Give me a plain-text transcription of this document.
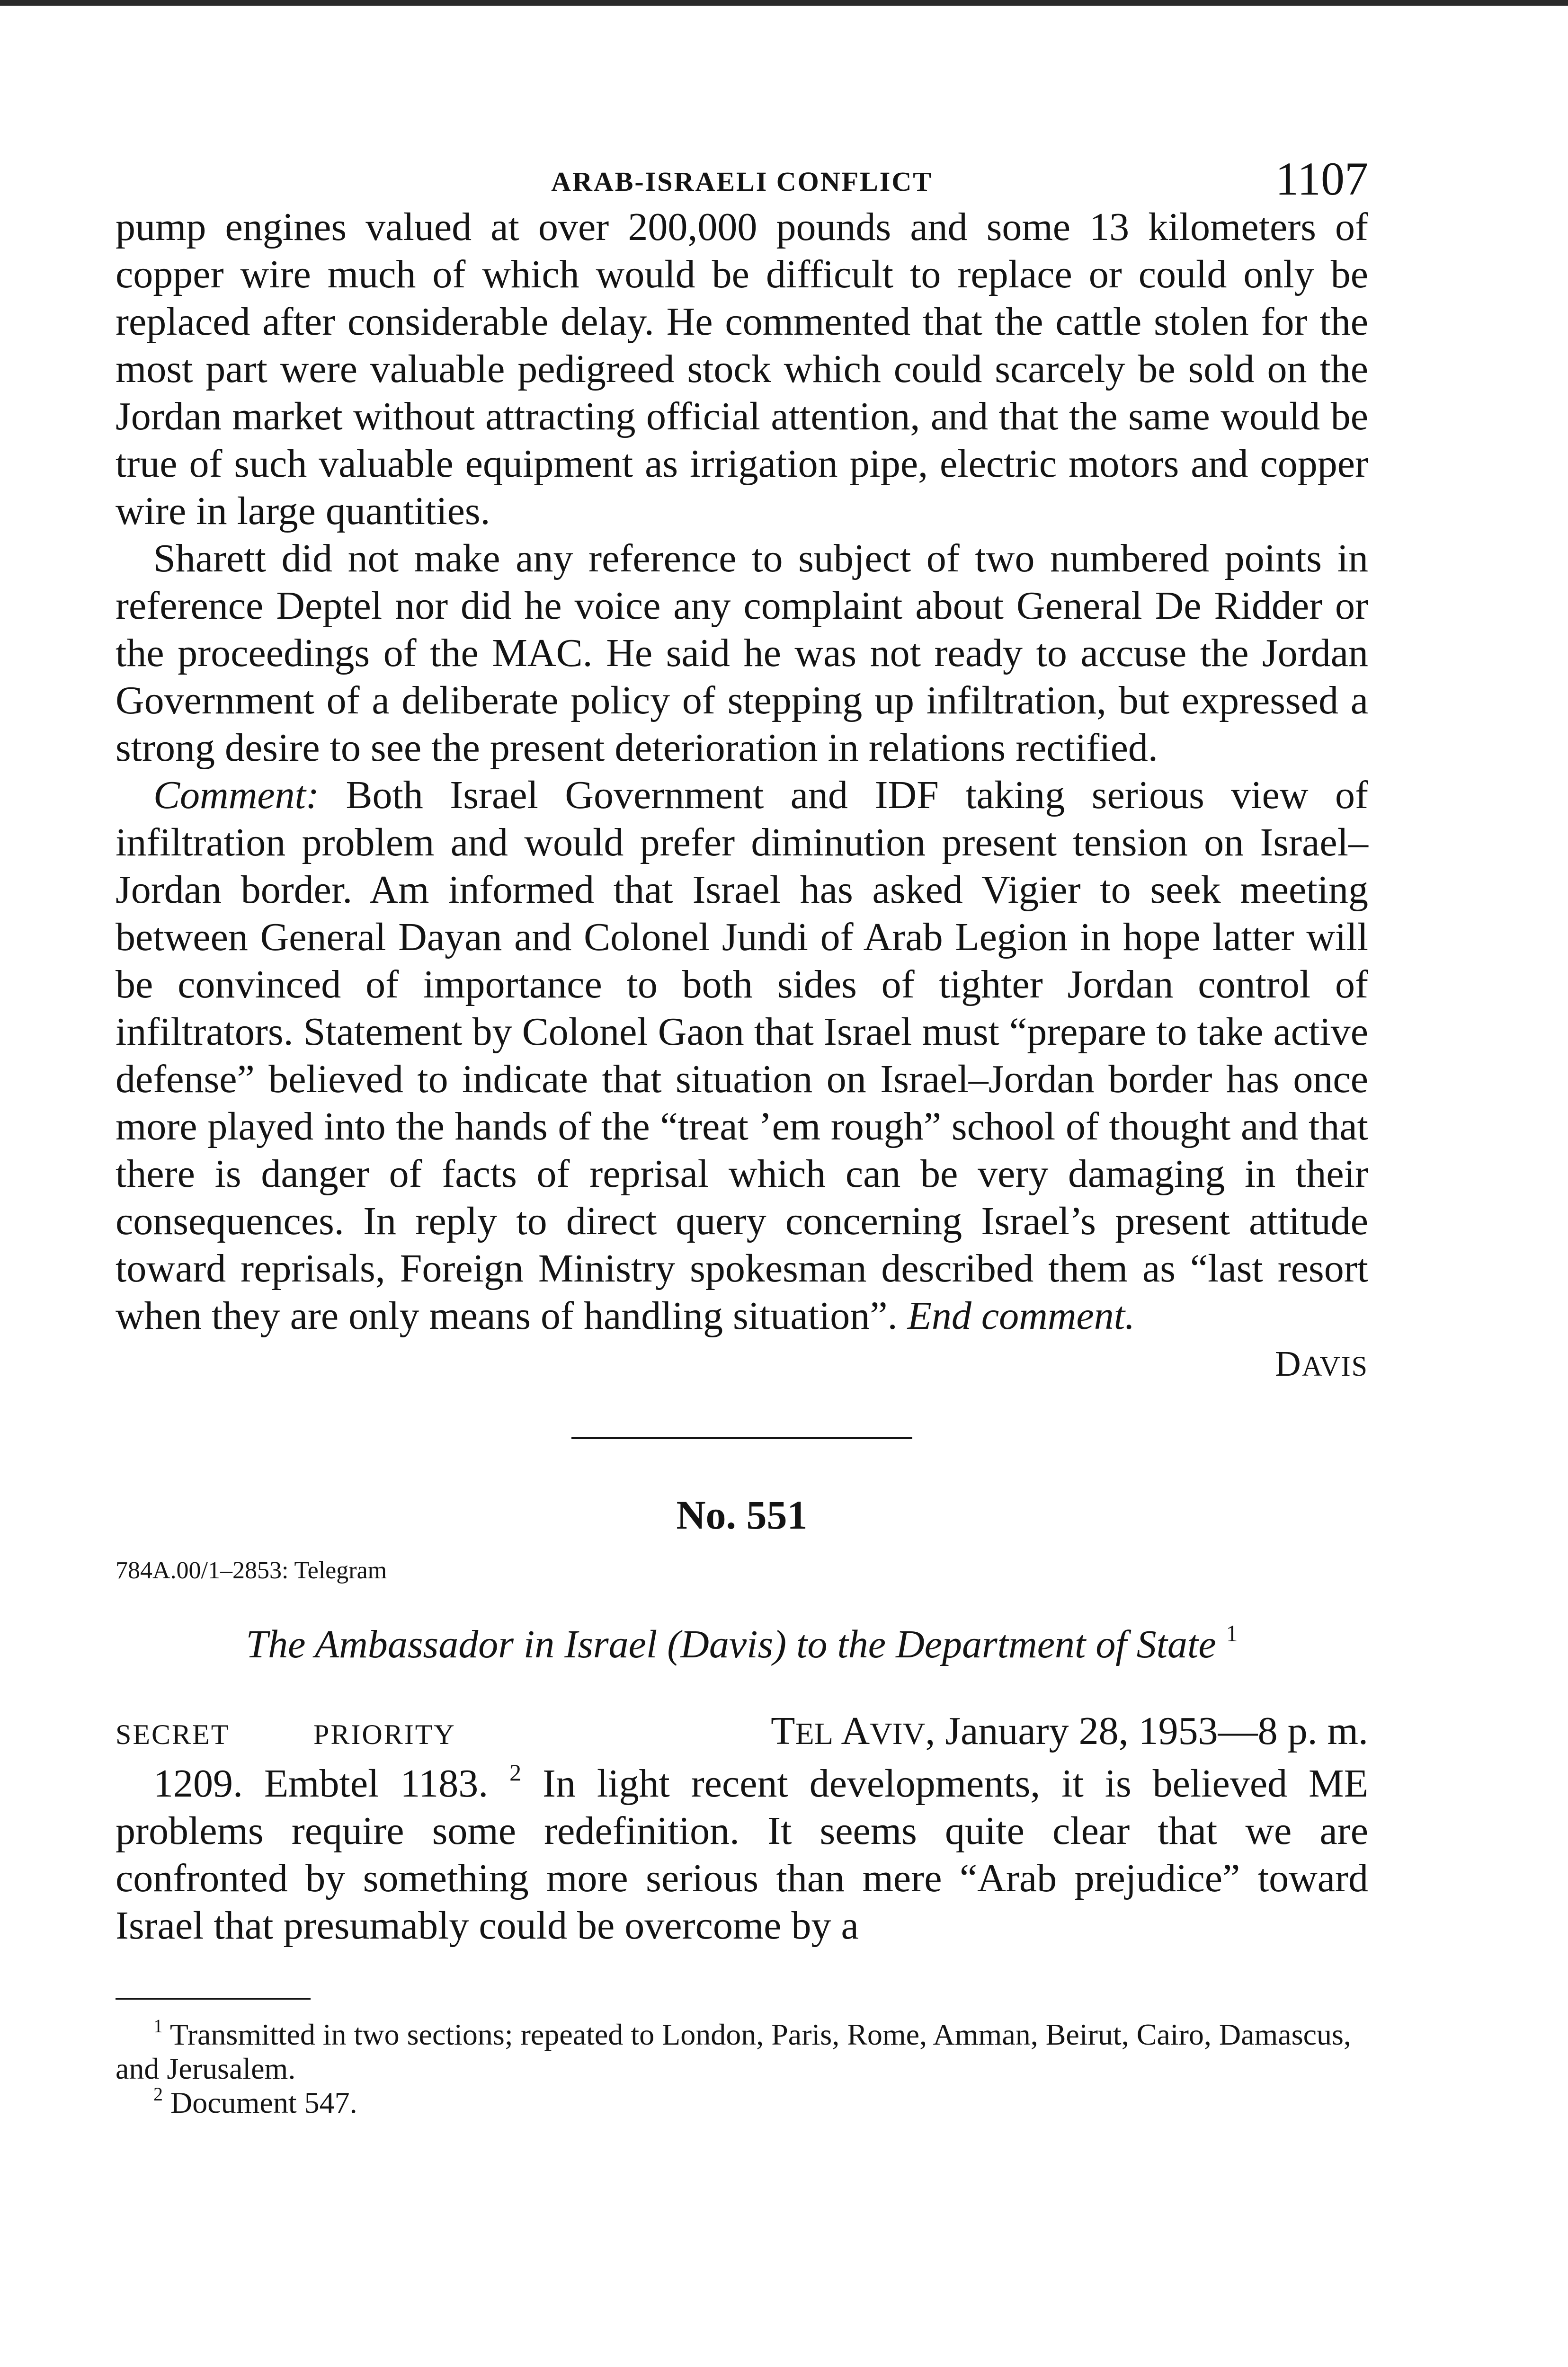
ARAB-ISRAELI CONFLICT	1107

pump engines valued at over 200,000 pounds and some 13 kilometers of copper wire much of which would be difficult to replace or could only be replaced after considerable delay. He commented that the cattle stolen for the most part were valuable pedigreed stock which could scarcely be sold on the Jordan market without attracting official attention, and that the same would be true of such valuable equipment as irrigation pipe, electric motors and copper wire in large quantities.

Sharett did not make any reference to subject of two numbered points in reference Deptel nor did he voice any complaint about General De Ridder or the proceedings of the MAC. He said he was not ready to accuse the Jordan Government of a deliberate policy of stepping up infiltration, but expressed a strong desire to see the present deterioration in relations rectified.

Comment: Both Israel Government and IDF taking serious view of infiltration problem and would prefer diminution present tension on Israel–Jordan border. Am informed that Israel has asked Vigier to seek meeting between General Dayan and Colonel Jundi of Arab Legion in hope latter will be convinced of importance to both sides of tighter Jordan control of infiltrators. Statement by Colonel Gaon that Israel must “prepare to take active defense” believed to indicate that situation on Israel–Jordan border has once more played into the hands of the “treat ’em rough” school of thought and that there is danger of facts of reprisal which can be very damaging in their consequences. In reply to direct query concerning Israel’s present attitude toward reprisals, Foreign Ministry spokesman described them as “last resort when they are only means of handling situation”. End comment.

DAVIS
No. 551
784A.00/1–2853: Telegram
The Ambassador in Israel (Davis) to the Department of State $^1$
SECRET	PRIORITY	TEL AVIV, January 28, 1953—8 p. m.

1209. Embtel 1183. $^2$ In light recent developments, it is believed ME problems require some redefinition. It seems quite clear that we are confronted by something more serious than mere “Arab prejudice” toward Israel that presumably could be overcome by a

$^1$ Transmitted in two sections; repeated to London, Paris, Rome, Amman, Beirut, Cairo, Damascus, and Jerusalem.

$^2$ Document 547.
